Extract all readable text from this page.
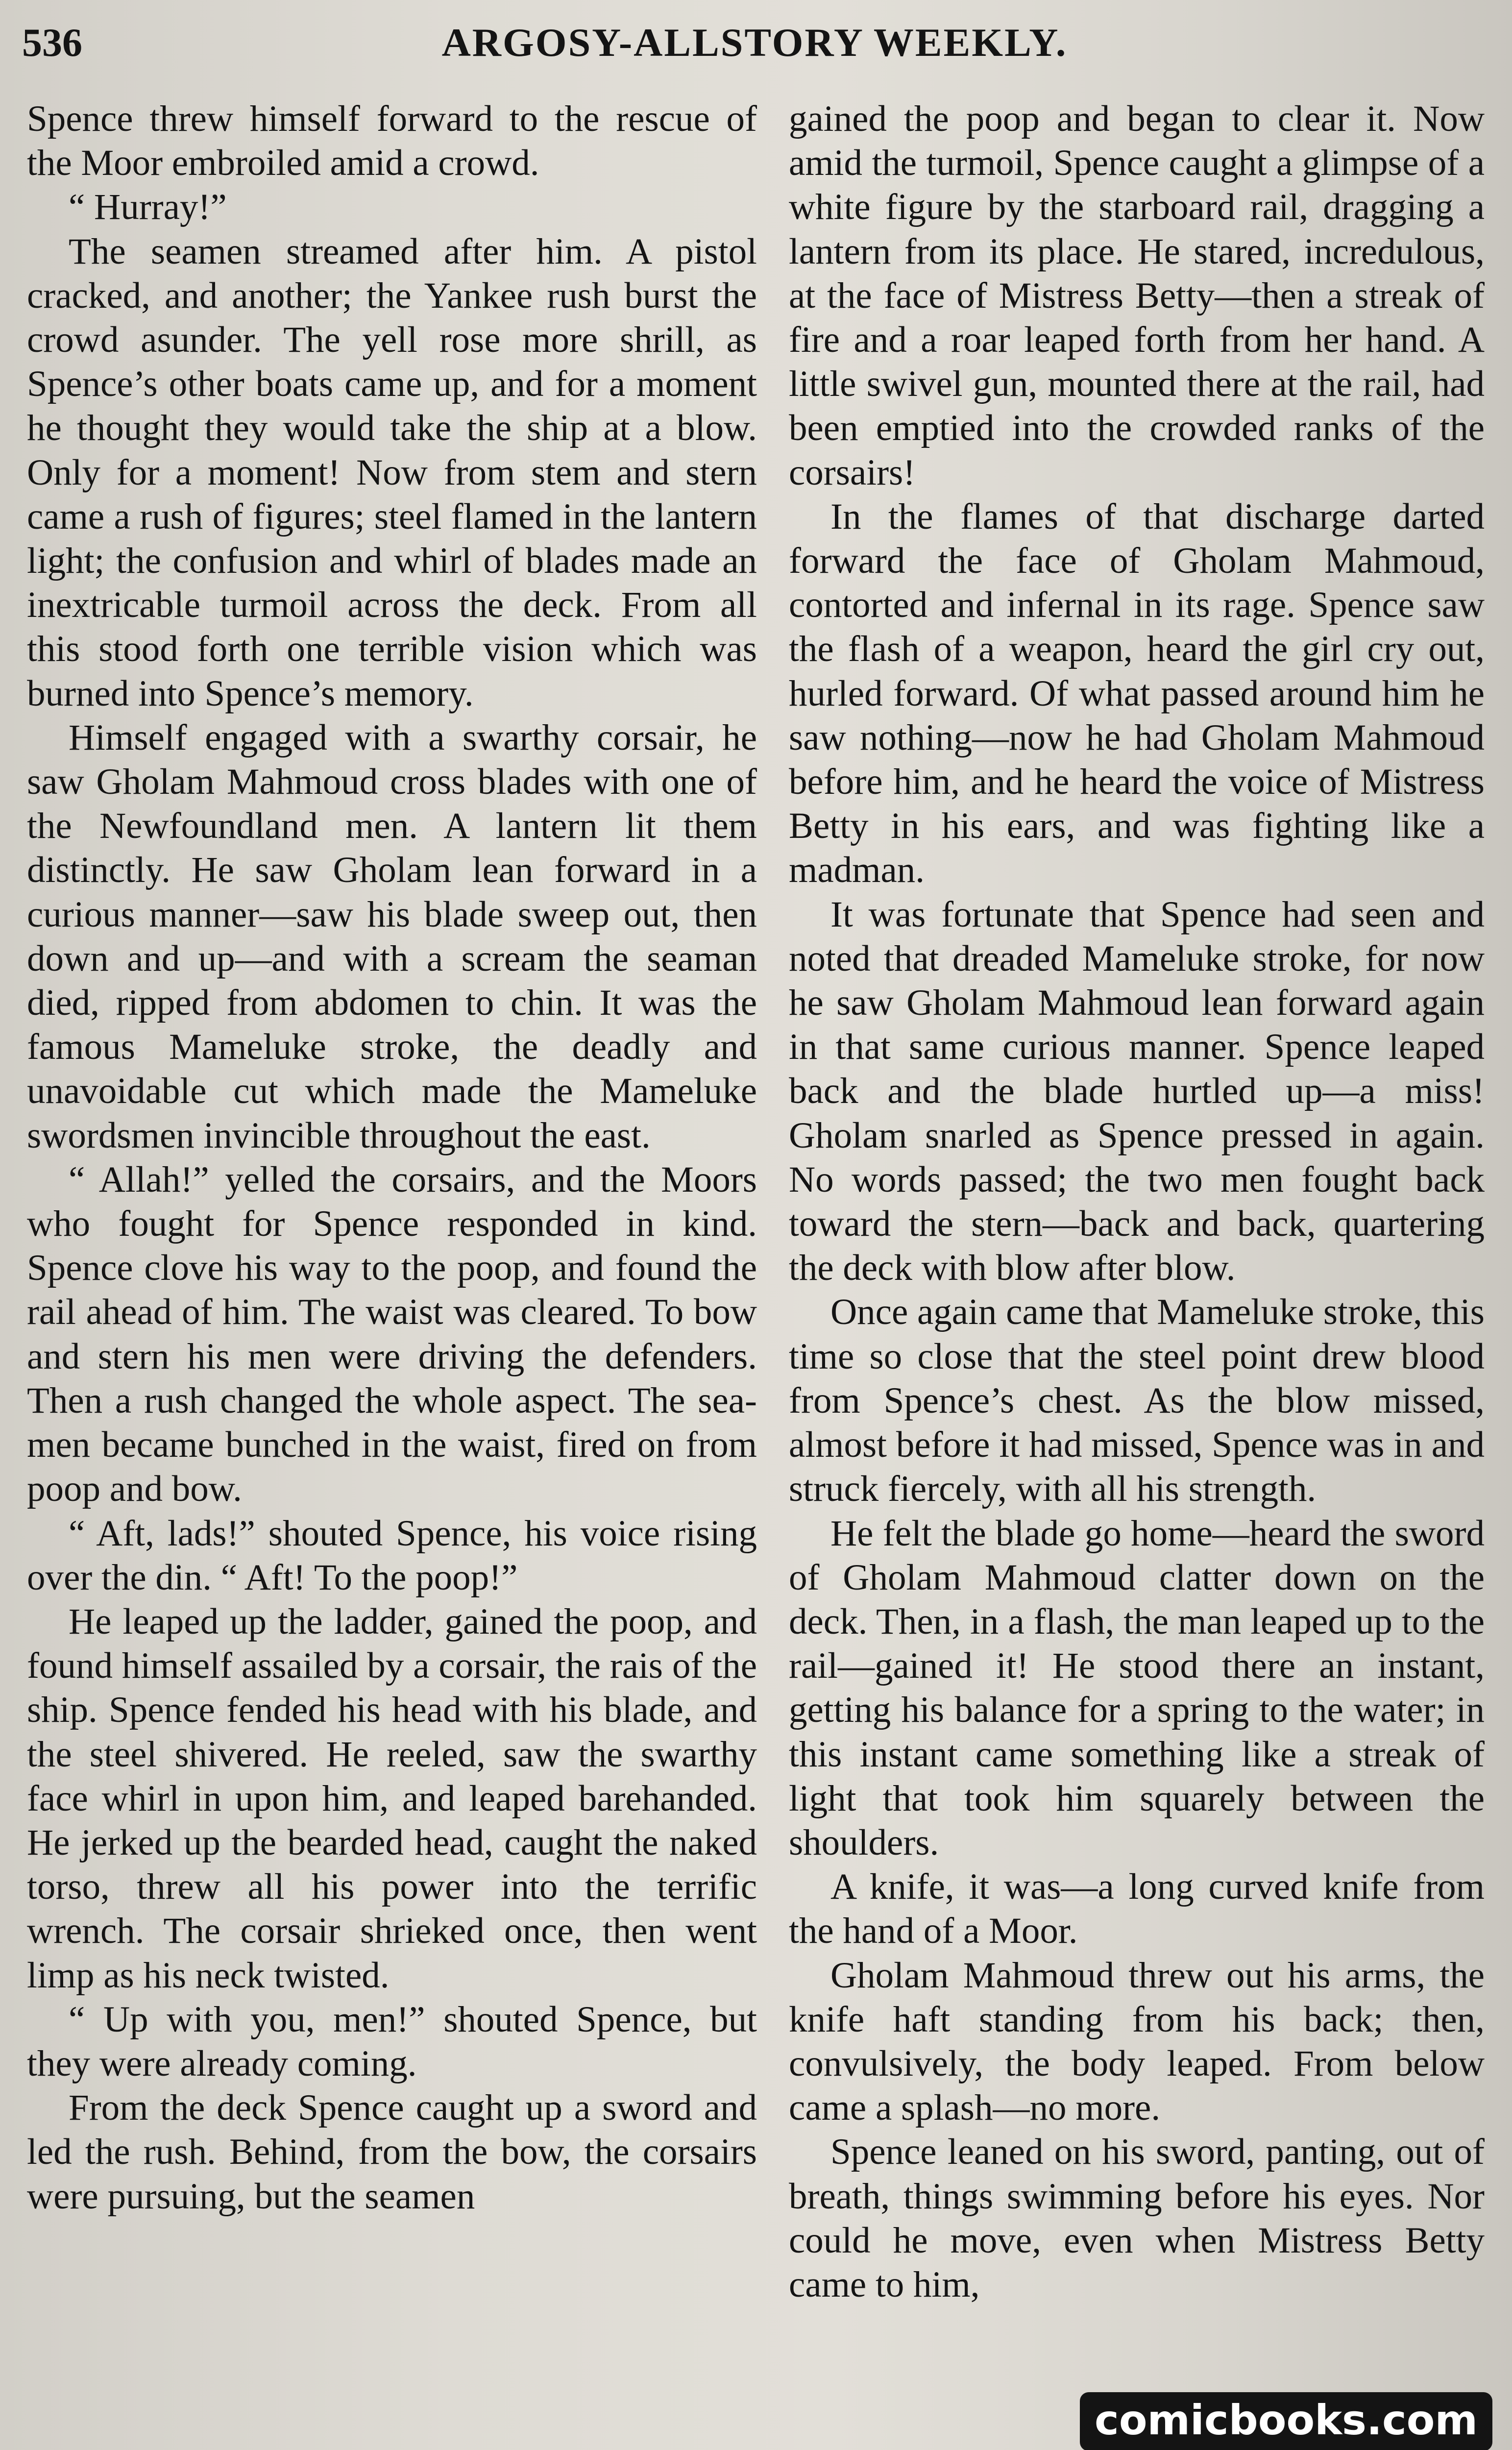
536	ARGOSY-ALLSTORY WEEKLY.

Spence threw himself forward to the rescue of the Moor embroiled amid a crowd.

“ Hurray!”

The seamen streamed after him. A pistol cracked, and another; the Yankee rush burst the crowd asunder. The yell rose more shrill, as Spence’s other boats came up, and for a moment he thought they would take the ship at a blow. Only for a moment! Now from stem and stern came a rush of figures; steel flamed in the lantern light; the confusion and whirl of blades made an inextricable turmoil across the deck. From all this stood forth one terrible vision which was burned into Spence’s memory.

Himself engaged with a swarthy corsair, he saw Gholam Mahmoud cross blades with one of the Newfoundland men. A lantern lit them distinctly. He saw Gholam lean forward in a curious manner—saw his blade sweep out, then down and up—and with a scream the seaman died, ripped from abdomen to chin. It was the famous Mameluke stroke, the deadly and unavoidable cut which made the Mameluke swordsmen invincible throughout the east.

“ Allah!” yelled the corsairs, and the Moors who fought for Spence responded in kind. Spence clove his way to the poop, and found the rail ahead of him. The waist was cleared. To bow and stern his men were driving the defenders. Then a rush changed the whole aspect. The seamen became bunched in the waist, fired on from poop and bow.

“ Aft, lads!” shouted Spence, his voice rising over the din. “ Aft! To the poop!”

He leaped up the ladder, gained the poop, and found himself assailed by a corsair, the rais of the ship. Spence fended his head with his blade, and the steel shivered. He reeled, saw the swarthy face whirl in upon him, and leaped barehanded. He jerked up the bearded head, caught the naked torso, threw all his power into the terrific wrench. The corsair shrieked once, then went limp as his neck twisted.

“ Up with you, men!” shouted Spence, but they were already coming.

From the deck Spence caught up a sword and led the rush. Behind, from the bow, the corsairs were pursuing, but the seamen

gained the poop and began to clear it. Now amid the turmoil, Spence caught a glimpse of a white figure by the starboard rail, dragging a lantern from its place. He stared, incredulous, at the face of Mistress Betty—then a streak of fire and a roar leaped forth from her hand. A little swivel gun, mounted there at the rail, had been emptied into the crowded ranks of the corsairs!

In the flames of that discharge darted forward the face of Gholam Mahmoud, contorted and infernal in its rage. Spence saw the flash of a weapon, heard the girl cry out, hurled forward. Of what passed around him he saw nothing—now he had Gholam Mahmoud before him, and he heard the voice of Mistress Betty in his ears, and was fighting like a madman.

It was fortunate that Spence had seen and noted that dreaded Mameluke stroke, for now he saw Gholam Mahmoud lean forward again in that same curious manner. Spence leaped back and the blade hurtled up—a miss! Gholam snarled as Spence pressed in again. No words passed; the two men fought back toward the stern—back and back, quartering the deck with blow after blow.

Once again came that Mameluke stroke, this time so close that the steel point drew blood from Spence’s chest. As the blow missed, almost before it had missed, Spence was in and struck fiercely, with all his strength.

He felt the blade go home—heard the sword of Gholam Mahmoud clatter down on the deck. Then, in a flash, the man leaped up to the rail—gained it! He stood there an instant, getting his balance for a spring to the water; in this instant came something like a streak of light that took him squarely between the shoulders.

A knife, it was—a long curved knife from the hand of a Moor.

Gholam Mahmoud threw out his arms, the knife haft standing from his back; then, convulsively, the body leaped. From below came a splash—no more.

Spence leaned on his sword, panting, out of breath, things swimming before his eyes. Nor could he move, even when Mistress Betty came to him,

comicbooks.com
